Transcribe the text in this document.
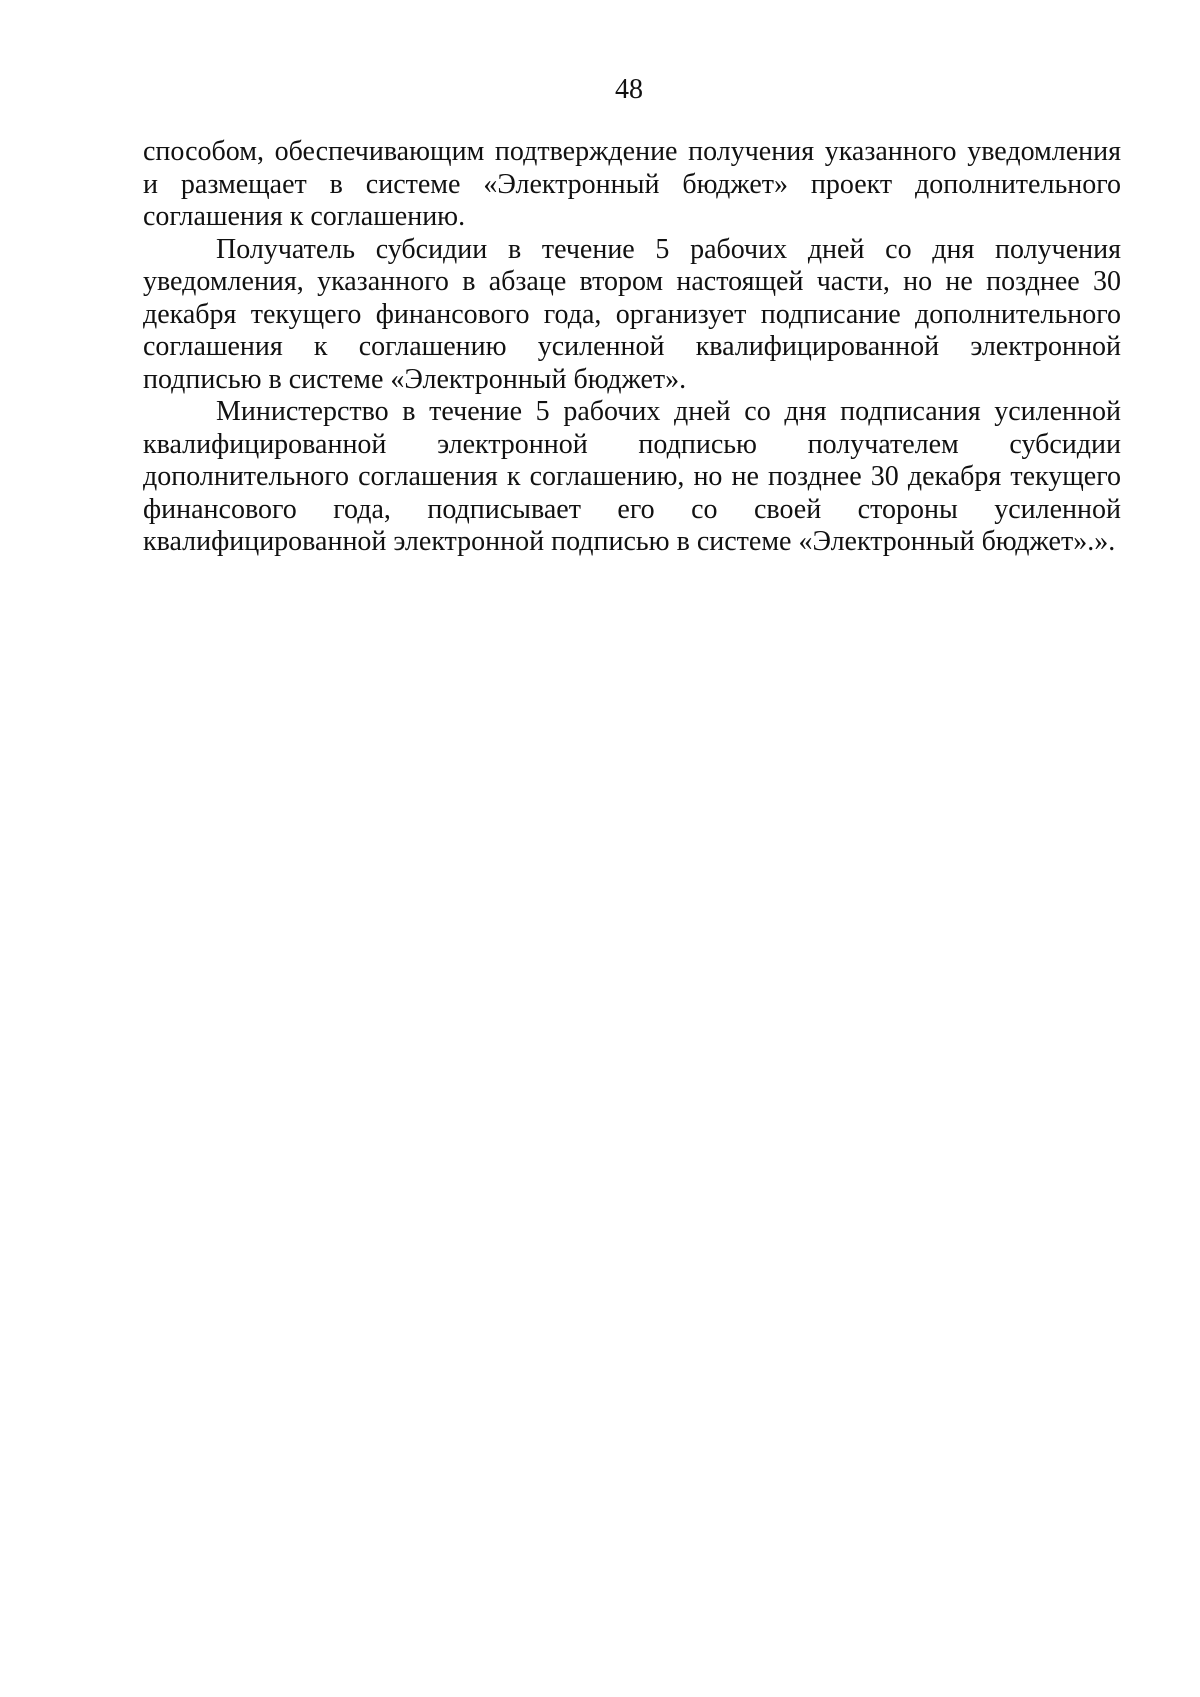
48

способом, обеспечивающим подтверждение получения указанного уведомления и размещает в системе «Электронный бюджет» проект дополнительного соглашения к соглашению.

Получатель субсидии в течение 5 рабочих дней со дня получения уведомления, указанного в абзаце втором настоящей части, но не позднее 30 декабря текущего финансового года, организует подписание дополнительного соглашения к соглашению усиленной квалифицированной электронной подписью в системе «Электронный бюджет».

Министерство в течение 5 рабочих дней со дня подписания усиленной квалифицированной электронной подписью получателем субсидии дополнительного соглашения к соглашению, но не позднее 30 декабря текущего финансового года, подписывает его со своей стороны усиленной квалифицированной электронной подписью в системе «Электронный бюджет».».
